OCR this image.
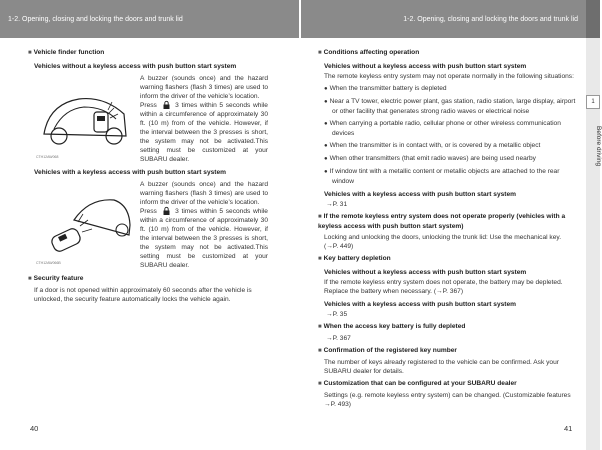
1-2. Opening, closing and locking the doors and trunk lid	1-2. Opening, closing and locking the doors and trunk lid
1
Before driving
■ Vehicle finder function
Vehicles without a keyless access with push button start system
CTH12AW068
A buzzer (sounds once) and the hazard warning flashers (flash 3 times) are used to inform the driver of the vehicle’s location.
Press	3 times within 5 seconds while within a circumference of approximately 30 ft. (10 m) from of the vehicle. However, if the interval between the 3 presses is short, the system may not be activated.This setting must be customized at your SUBARU dealer.
Vehicles with a keyless access with push button start system
CTH12AW066B
A buzzer (sounds once) and the hazard warning flashers (flash 3 times) are used to inform the driver of the vehicle’s location.
Press	3 times within 5 seconds while within a circumference of approximately 30 ft. (10 m) from of the vehicle. However, if the interval between the 3 presses is short, the system may not be activated.This setting must be customized at your SUBARU dealer.
■ Security feature

If a door is not opened within approximately 60 seconds after the vehicle is unlocked, the security feature automatically locks the vehicle again.

■ Conditions affecting operation
Vehicles without a keyless access with push button start system

The remote keyless entry system may not operate normally in the following situations:

● When the transmitter battery is depleted
● Near a TV tower, electric power plant, gas station, radio station, large display, airport or other facility that generates strong radio waves or electrical noise
● When carrying a portable radio, cellular phone or other wireless communication devices
● When the transmitter is in contact with, or is covered by a metallic object
● When other transmitters (that emit radio waves) are being used nearby
● If window tint with a metallic content or metallic objects are attached to the rear window
Vehicles with a keyless access with push button start system

→P. 31

■ If the remote keyless entry system does not operate properly (vehicles with a keyless access with push button start system)

Locking and unlocking the doors, unlocking the trunk lid: Use the mechanical key. (→P. 449)

■ Key battery depletion
Vehicles without a keyless access with push button start system

If the remote keyless entry system does not operate, the battery may be depleted. Replace the battery when necessary. (→P. 367)

Vehicles with a keyless access with push button start system

→P. 35

■ When the access key battery is fully depleted

→P. 367

■ Confirmation of the registered key number

The number of keys already registered to the vehicle can be confirmed. Ask your SUBARU dealer for details.

■ Customization that can be configured at your SUBARU dealer

Settings (e.g. remote keyless entry system) can be changed. (Customizable features →P. 493)

40	41
